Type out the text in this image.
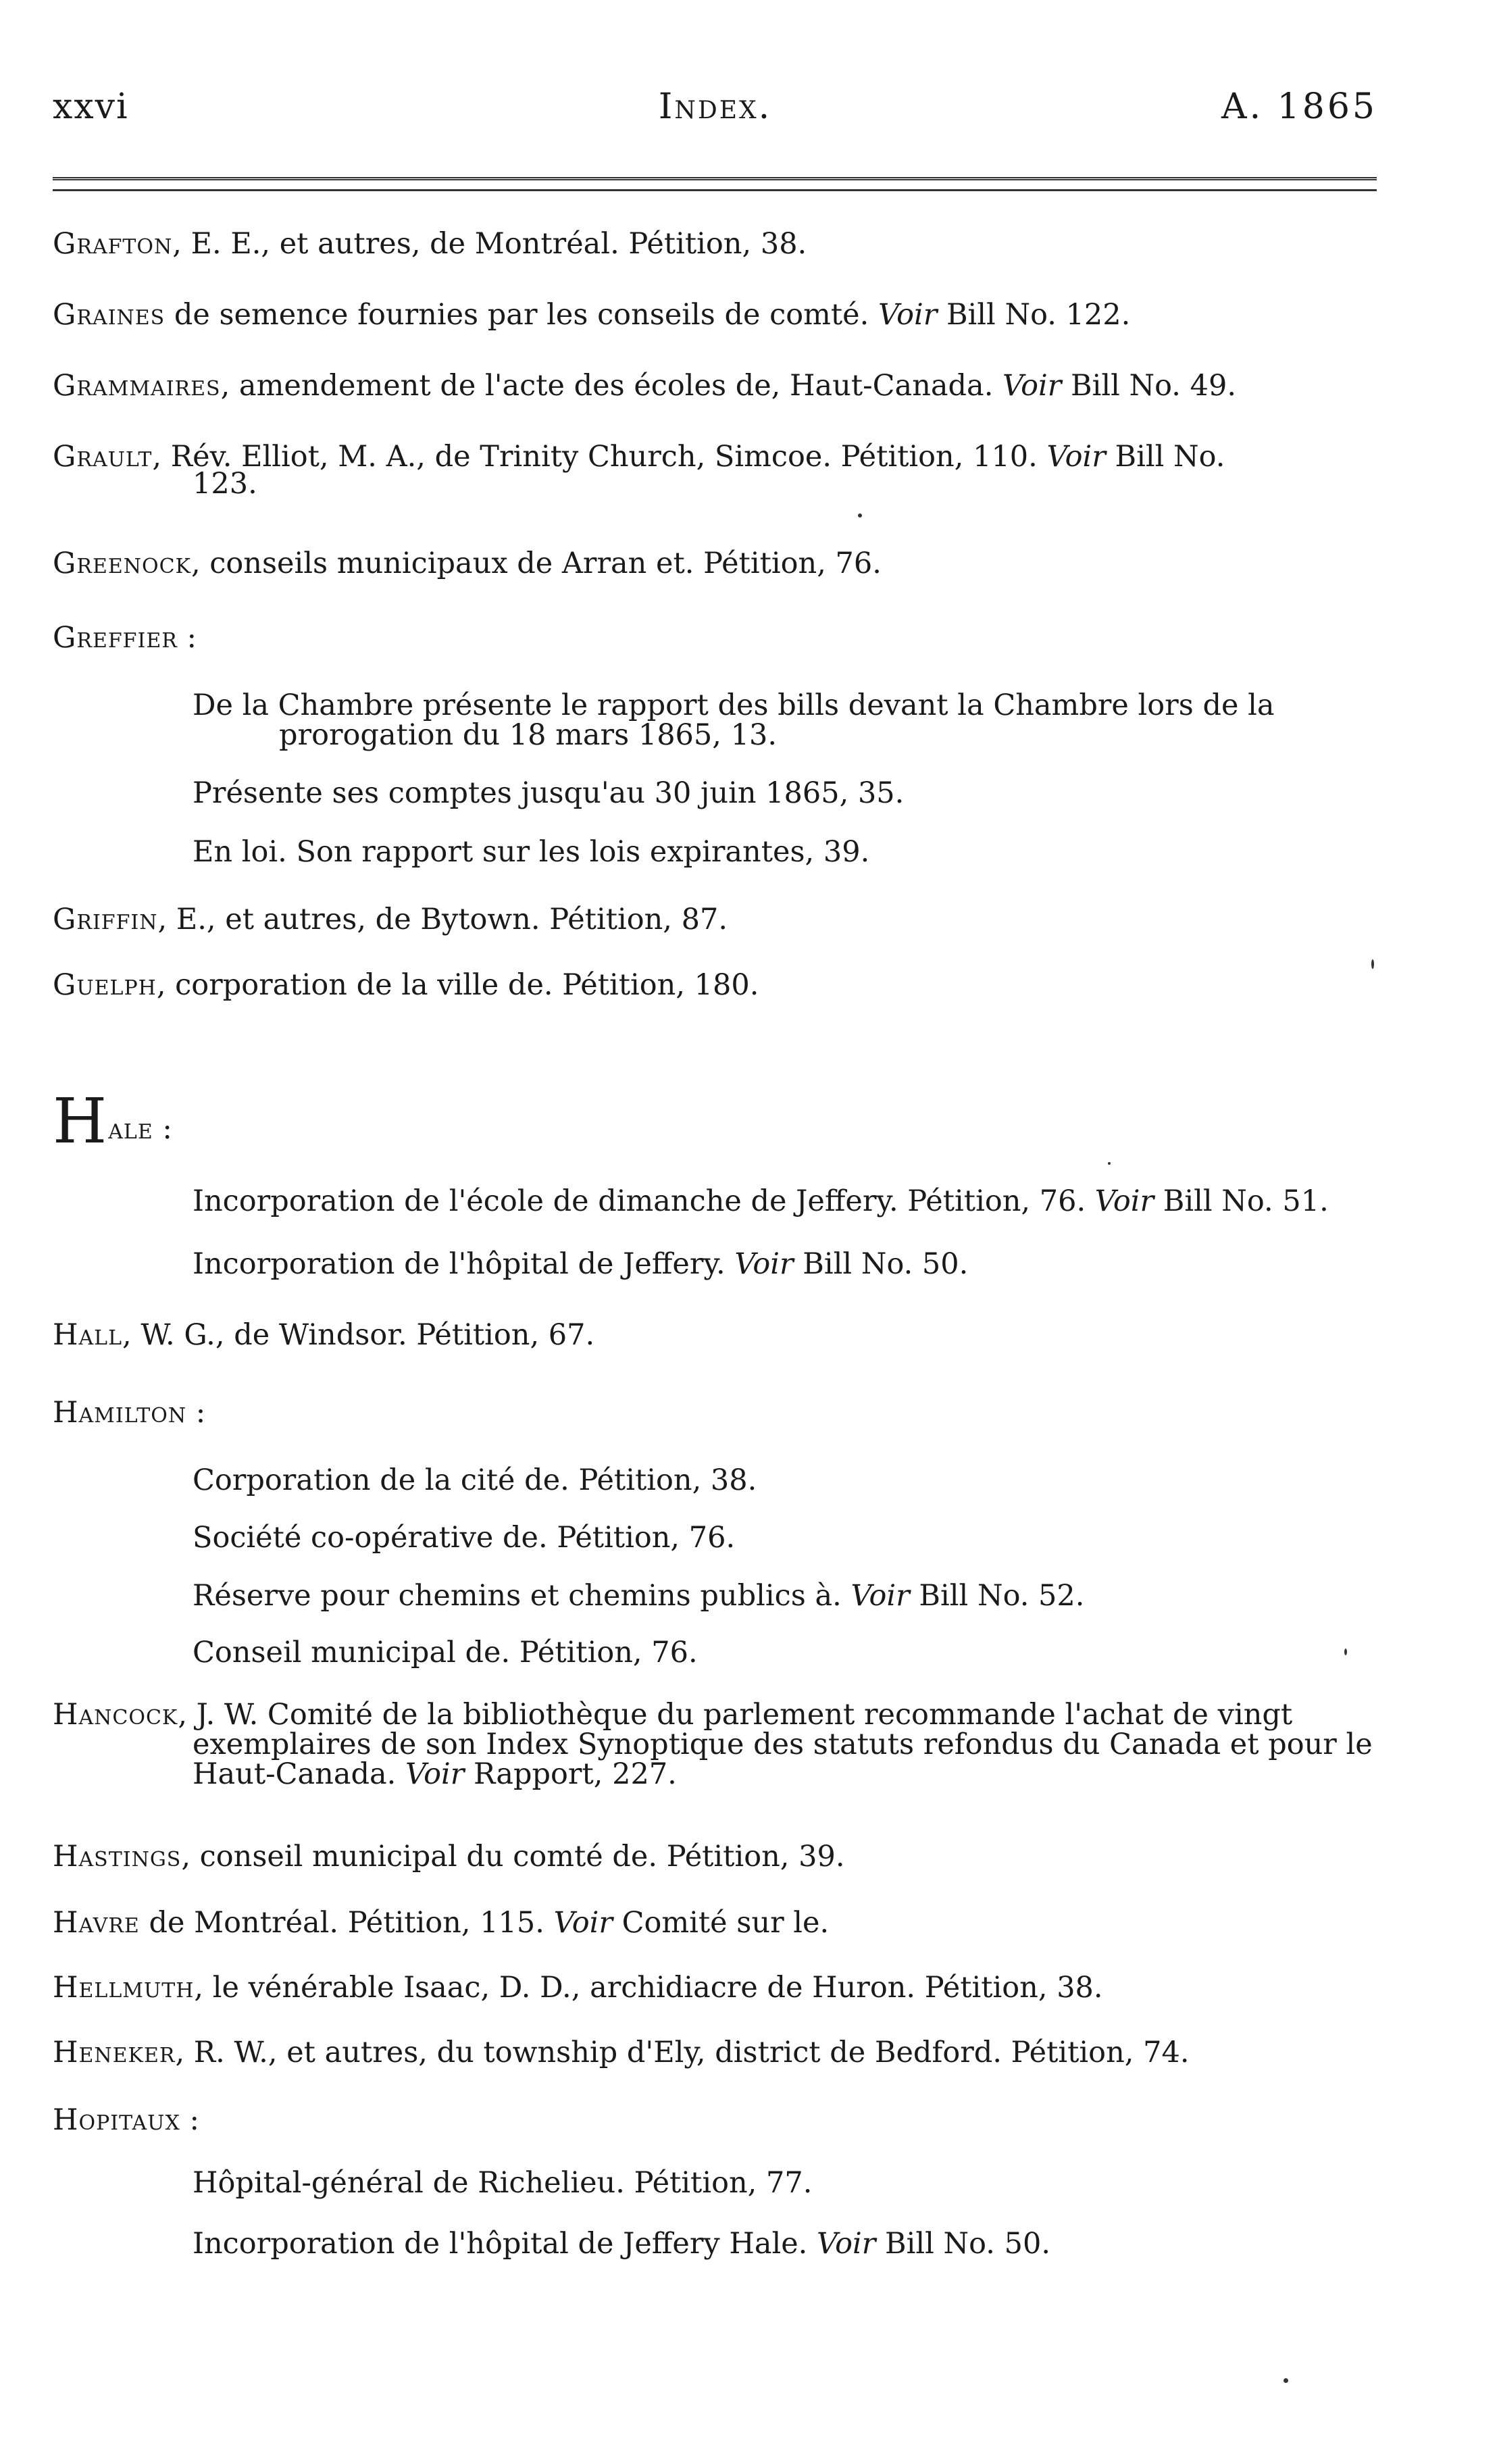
xxvi	Index.	A. 1865
Grafton, E. E., et autres, de Montréal. Pétition, 38.
Graines de semence fournies par les conseils de comté. Voir Bill No. 122.
Grammaires, amendement de l'acte des écoles de, Haut-Canada. Voir Bill No. 49.
Grault, Rév. Elliot, M. A., de Trinity Church, Simcoe. Pétition, 110. Voir Bill No.
123.
Greenock, conseils municipaux de Arran et. Pétition, 76.
Greffier :
De la Chambre présente le rapport des bills devant la Chambre lors de la
prorogation du 18 mars 1865, 13.
Présente ses comptes jusqu'au 30 juin 1865, 35.
En loi. Son rapport sur les lois expirantes, 39.
Griffin, E., et autres, de Bytown. Pétition, 87.
Guelph, corporation de la ville de. Pétition, 180.
Hale :
Incorporation de l'école de dimanche de Jeffery. Pétition, 76. Voir Bill No. 51.
Incorporation de l'hôpital de Jeffery. Voir Bill No. 50.
Hall, W. G., de Windsor. Pétition, 67.
Hamilton :
Corporation de la cité de. Pétition, 38.
Société co-opérative de. Pétition, 76.
Réserve pour chemins et chemins publics à. Voir Bill No. 52.
Conseil municipal de. Pétition, 76.
Hancock, J. W. Comité de la bibliothèque du parlement recommande l'achat de vingt
exemplaires de son Index Synoptique des statuts refondus du Canada et pour le
Haut-Canada. Voir Rapport, 227.
Hastings, conseil municipal du comté de. Pétition, 39.
Havre de Montréal. Pétition, 115. Voir Comité sur le.
Hellmuth, le vénérable Isaac, D. D., archidiacre de Huron. Pétition, 38.
Heneker, R. W., et autres, du township d'Ely, district de Bedford. Pétition, 74.
Hopitaux :
Hôpital-général de Richelieu. Pétition, 77.
Incorporation de l'hôpital de Jeffery Hale. Voir Bill No. 50.
